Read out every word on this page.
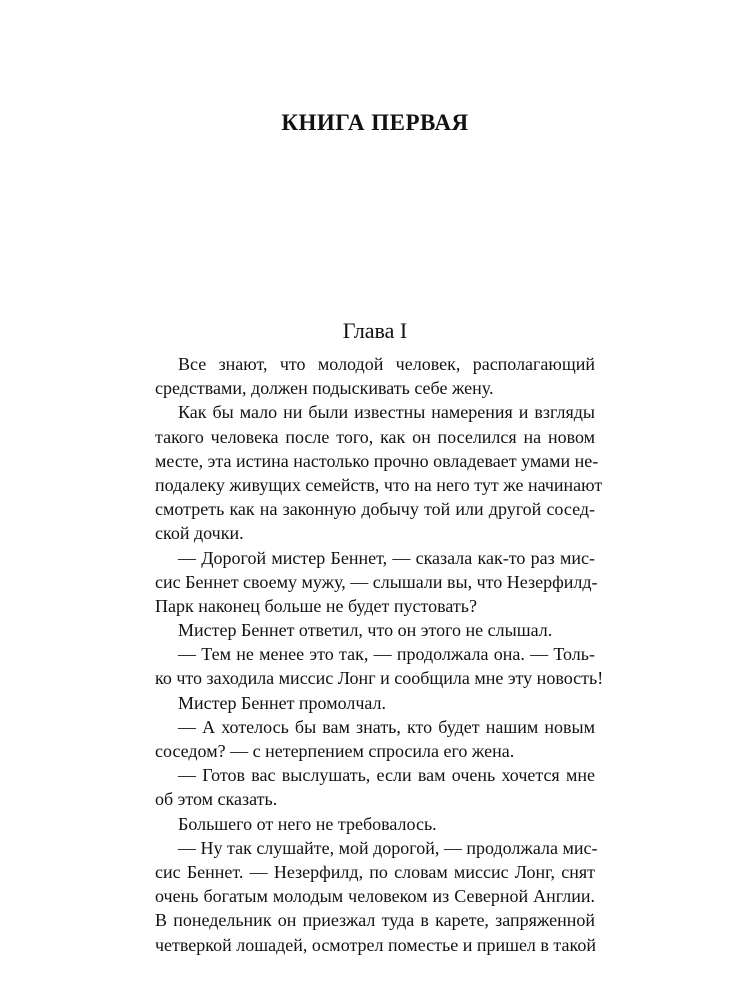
КНИГА ПЕРВАЯ
Глава I
Все знают, что молодой человек, располагающий
средствами, должен подыскивать себе жену.
Как бы мало ни были известны намерения и взгляды
такого человека после того, как он поселился на новом
месте, эта истина настолько прочно овладевает умами не-
подалеку живущих семейств, что на него тут же начинают
смотреть как на законную добычу той или другой сосед-
ской дочки.
— Дорогой мистер Беннет, — сказала как-то раз мис-
сис Беннет своему мужу, — слышали вы, что Незерфилд-
Парк наконец больше не будет пустовать?
Мистер Беннет ответил, что он этого не слышал.
— Тем не менее это так, — продолжала она. — Толь-
ко что заходила миссис Лонг и сообщила мне эту новость!
Мистер Беннет промолчал.
— А хотелось бы вам знать, кто будет нашим новым
соседом? — с нетерпением спросила его жена.
— Готов вас выслушать, если вам очень хочется мне
об этом сказать.
Большего от него не требовалось.
— Ну так слушайте, мой дорогой, — продолжала мис-
сис Беннет. — Незерфилд, по словам миссис Лонг, снят
очень богатым молодым человеком из Северной Англии.
В понедельник он приезжал туда в карете, запряженной
четверкой лошадей, осмотрел поместье и пришел в такой
